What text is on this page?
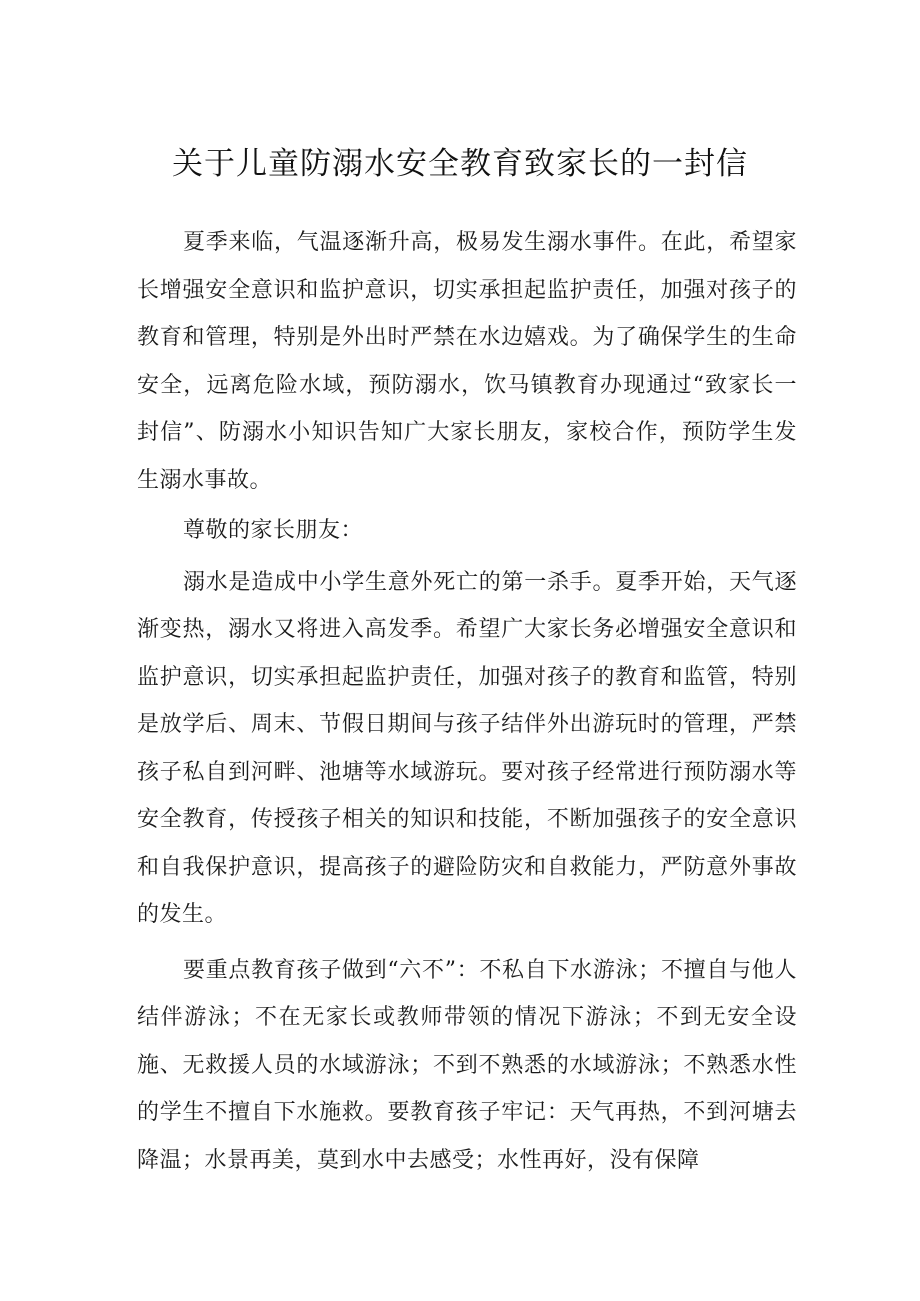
关于儿童防溺水安全教育致家长的一封信

夏季来临，气温逐渐升高，极易发生溺水事件。在此，希望家长增强安全意识和监护意识，切实承担起监护责任，加强对孩子的教育和管理，特别是外出时严禁在水边嬉戏。为了确保学生的生命安全，远离危险水域，预防溺水，饮马镇教育办现通过“致家长一封信”、防溺水小知识告知广大家长朋友，家校合作，预防学生发生溺水事故。

尊敬的家长朋友：

溺水是造成中小学生意外死亡的第一杀手。夏季开始，天气逐渐变热，溺水又将进入高发季。希望广大家长务必增强安全意识和监护意识，切实承担起监护责任，加强对孩子的教育和监管，特别是放学后、周末、节假日期间与孩子结伴外出游玩时的管理，严禁孩子私自到河畔、池塘等水域游玩。要对孩子经常进行预防溺水等安全教育，传授孩子相关的知识和技能，不断加强孩子的安全意识和自我保护意识，提高孩子的避险防灾和自救能力，严防意外事故的发生。

要重点教育孩子做到“六不”：不私自下水游泳；不擅自与他人结伴游泳；不在无家长或教师带领的情况下游泳；不到无安全设施、无救援人员的水域游泳；不到不熟悉的水域游泳；不熟悉水性的学生不擅自下水施救。要教育孩子牢记：天气再热，不到河塘去降温；水景再美，莫到水中去感受；水性再好，没有保障
